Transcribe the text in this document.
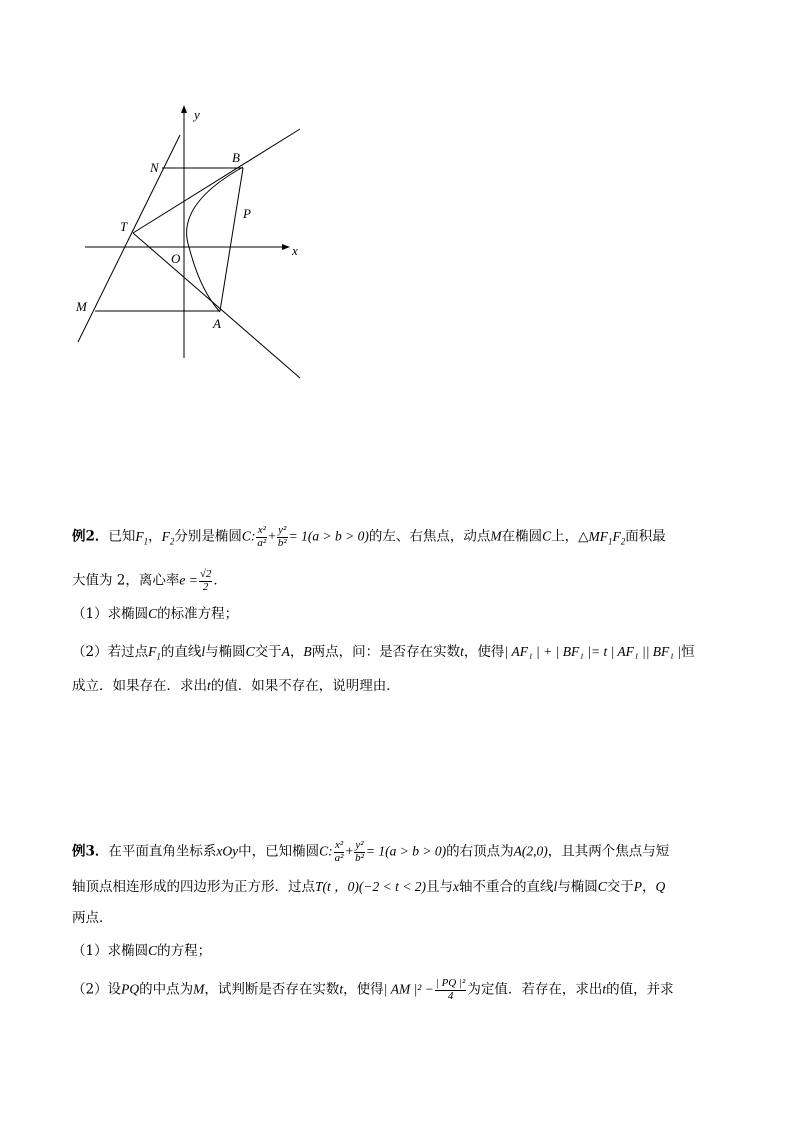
y
x
N
B
T
P
O
M
A
例2．已知$F_1$，$F_2$分别是椭圆C: $\frac{\text{x²}}{\text{a²}} + \frac{\text{y²}}{\text{b²}} = 1(a > b > 0)$的左、右焦点，动点M在椭圆C上，$\triangle MF_1F_2$面积最
大值为 2，离心率$e = \frac{√2}{2}$ ．
（1）求椭圆C的标准方程；
（2）若过点$F_1$的直线l与椭圆C交于A，B两点，问：是否存在实数t，使得| AF₁ | + | BF₁ |= t | AF₁ || BF₁ |恒
成立．如果存在．求出t的值．如果不存在，说明理由．
例3．在平面直角坐标系xOy中，已知椭圆C: $\frac{\text{x²}}{\text{a²}} + \frac{\text{y²}}{\text{b²}} = 1(a > b > 0)$的右顶点为A(2,0)，且其两个焦点与短
轴顶点相连形成的四边形为正方形．过点T(t ，0)(−2 < t < 2)且与x轴不重合的直线l与椭圆C交于P，Q
两点．
（1）求椭圆C的方程；
（2）设PQ的中点为M，试判断是否存在实数t，使得| AM $|^2 - \frac{\text{| PQ |²}}{4}$ 为定值．若存在，求出t的值，并求
